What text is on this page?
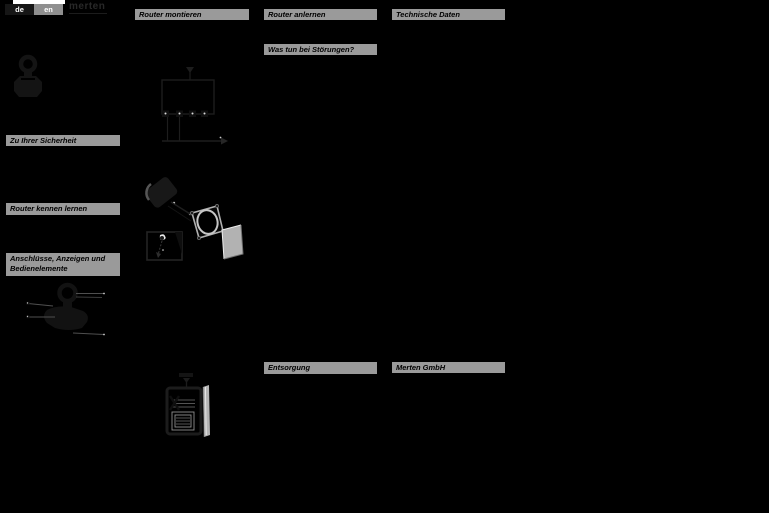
de	en	merten
Router montieren	Router anlernen	Technische Daten
Was tun bei Störungen?
Zu Ihrer Sicherheit
Router kennen lernen
Anschlüsse, Anzeigen und Bedienelemente
Entsorgung	Merten GmbH
